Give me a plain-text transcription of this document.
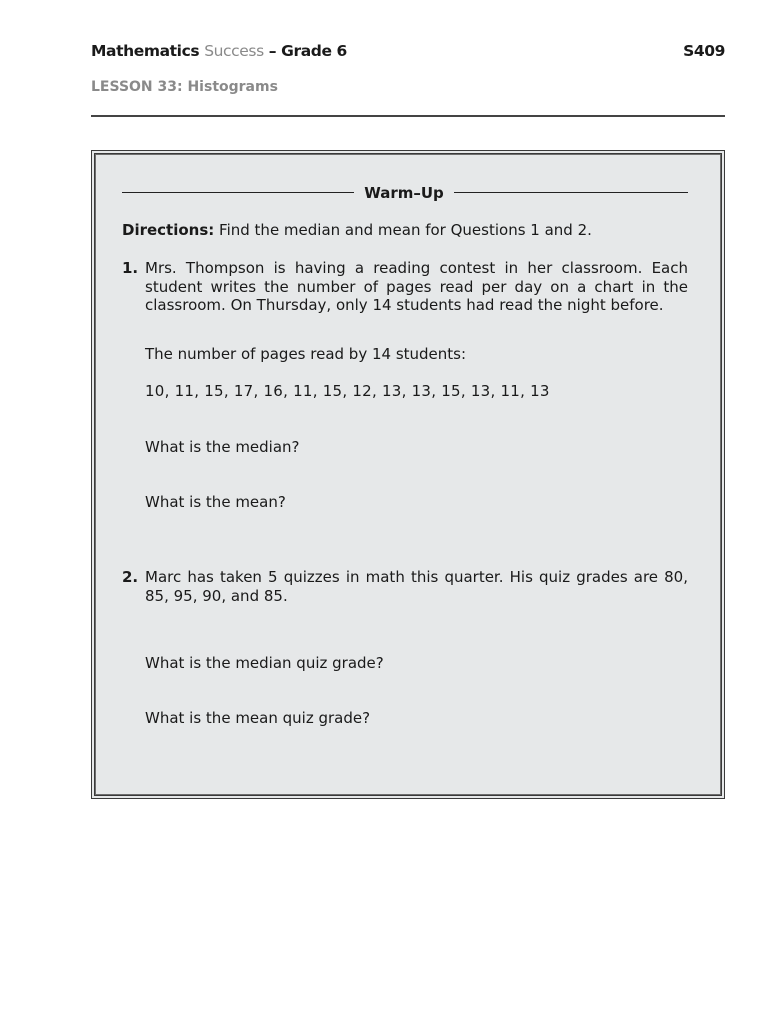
Mathematics Success – Grade 6	S409
LESSON 33: Histograms
Warm–Up
Directions: Find the median and mean for Questions 1 and 2.
1. Mrs. Thompson is having a reading contest in her classroom. Each
student writes the number of pages read per day on a chart in the
classroom. On Thursday, only 14 students had read the night before.
The number of pages read by 14 students:
10, 11, 15, 17, 16, 11, 15, 12, 13, 13, 15, 13, 11, 13
What is the median?
What is the mean?
2. Marc has taken 5 quizzes in math this quarter. His quiz grades are 80,
85, 95, 90, and 85.
What is the median quiz grade?
What is the mean quiz grade?
